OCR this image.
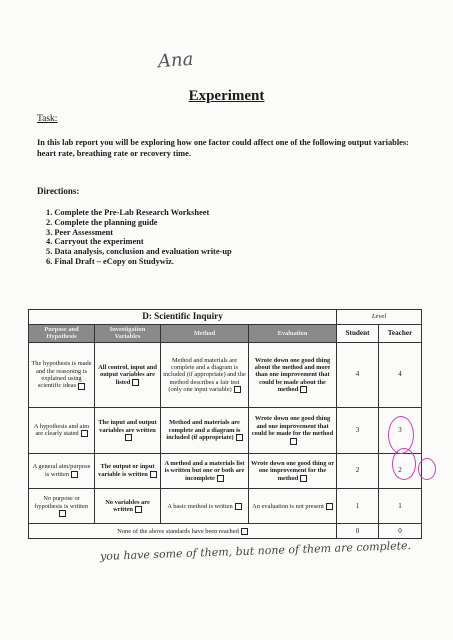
Ana
Experiment
Task:
In this lab report you will be exploring how one factor could affect one of the following output variables: heart rate, breathing rate or recovery time.
Directions:
1. Complete the Pre-Lab Research Worksheet
2. Complete the planning guide
3. Peer Assessment
4. Carryout the experiment
5. Data analysis, conclusion and evaluation write-up
6. Final Draft – eCopy on Studywiz.
D: Scientific Inquiry				Level	
Purpose and Hypothesis	Investigation Variables	Method	Evaluation	Student	Teacher
The hypothesis is made and the reasoning is explained using scientific ideas	All control, input and output variables are listed	Method and materials are complete and a diagram is included (if appropriate) and the method describes a fair test (only one input variable)	Wrote down one good thing about the method and more than one improvement that could be made about the method	4	4
A hypothesis and aim are clearly stated	The input and output variables are written	Method and materials are complete and a diagram is included (if appropriate)	Wrote down one good thing and one improvement that could be made for the method	3	3
A general aim/purpose is written	The output or input variable is written	A method and a materials list is written but one or both are incomplete	Wrote down one good thing or one improvement for the method	2	2
No purpose or hypothesis is written	No variables are written	A basic method is written	An evaluation is not present	1	1
None of the above standards have been reached				0	0
you have some of them, but none of them are complete.
